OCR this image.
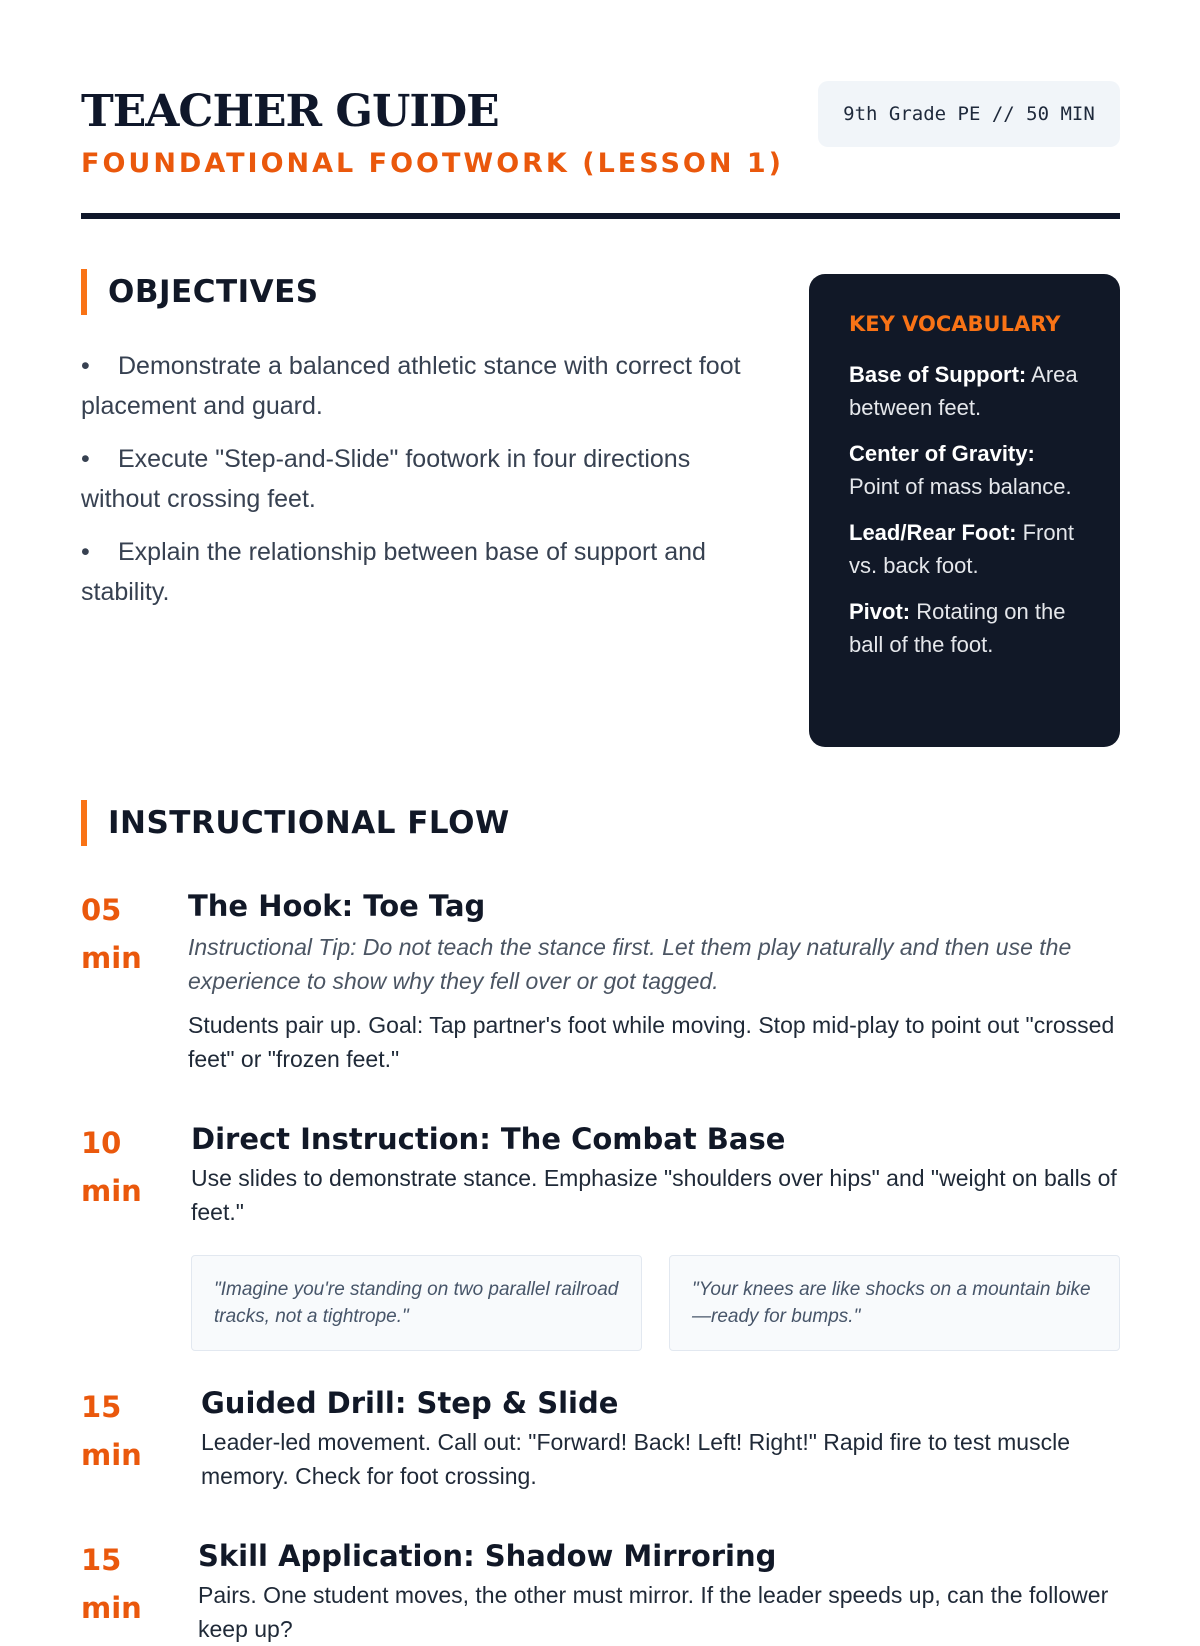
TEACHER GUIDE
FOUNDATIONAL FOOTWORK (LESSON 1)
9th Grade PE // 50 MIN
OBJECTIVES
• Demonstrate a balanced athletic stance with correct foot placement and guard.
• Execute "Step-and-Slide" footwork in four directions without crossing feet.
• Explain the relationship between base of support and stability.
KEY VOCABULARY
Base of Support: Area between feet.
Center of Gravity: Point of mass balance.
Lead/Rear Foot: Front vs. back foot.
Pivot: Rotating on the ball of the foot.
INSTRUCTIONAL FLOW
05
min
The Hook: Toe Tag
Instructional Tip: Do not teach the stance first. Let them play naturally and then use the experience to show why they fell over or got tagged.
Students pair up. Goal: Tap partner's foot while moving. Stop mid-play to point out "crossed feet" or "frozen feet."
10
min
Direct Instruction: The Combat Base
Use slides to demonstrate stance. Emphasize "shoulders over hips" and "weight on balls of feet."
"Imagine you're standing on two parallel railroad tracks, not a tightrope."
"Your knees are like shocks on a mountain bike—ready for bumps."
15
min
Guided Drill: Step & Slide
Leader-led movement. Call out: "Forward! Back! Left! Right!" Rapid fire to test muscle memory. Check for foot crossing.
15
min
Skill Application: Shadow Mirroring
Pairs. One student moves, the other must mirror. If the leader speeds up, can the follower keep up?
